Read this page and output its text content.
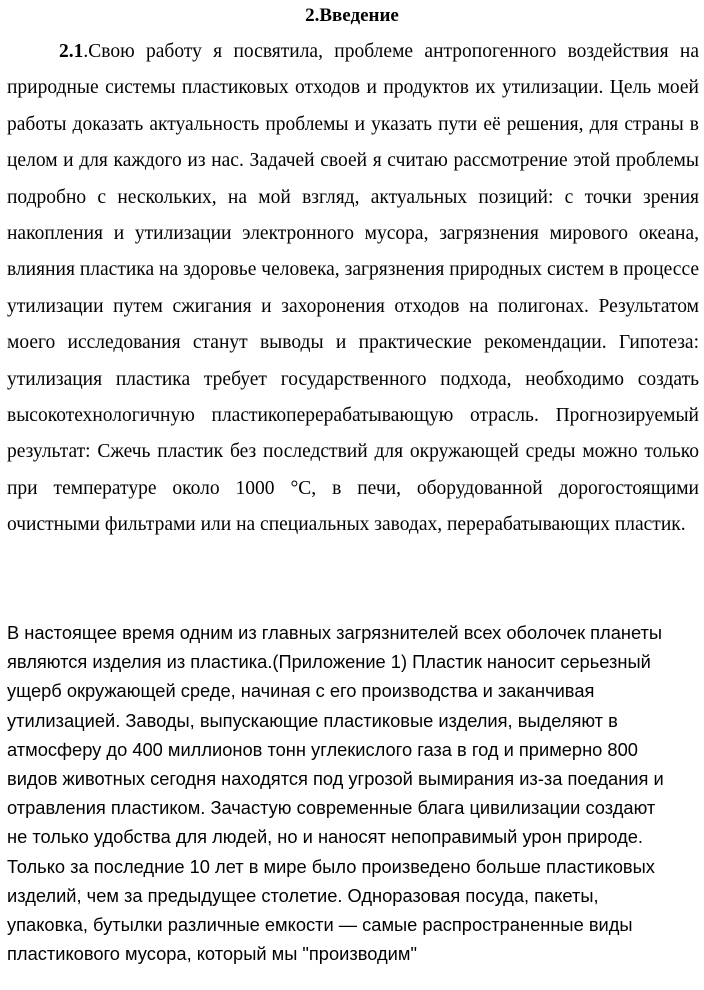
2.Введение

2.1.Свою работу я посвятила, проблеме антропогенного воздействия на природные системы пластиковых отходов и продуктов их утилизации. Цель моей работы доказать актуальность проблемы и указать пути её решения, для страны в целом и для каждого из нас. Задачей своей я считаю рассмотрение этой проблемы подробно с нескольких, на мой взгляд, актуальных позиций: с точки зрения накопления и утилизации электронного мусора, загрязнения мирового океана, влияния пластика на здоровье человека, загрязнения природных систем в процессе утилизации путем сжигания и захоронения отходов на полигонах. Результатом моего исследования станут выводы и практические рекомендации. Гипотеза: утилизация пластика требует государственного подхода, необходимо создать высокотехнологичную пластикоперерабатывающую отрасль. Прогнозируемый результат: Сжечь пластик без последствий для окружающей среды можно только при температуре около 1000 °С, в печи, оборудованной дорогостоящими очистными фильтрами или на специальных заводах, перерабатывающих пластик.

В настоящее время одним из главных загрязнителей всех оболочек планеты
являются изделия из пластика.(Приложение 1) Пластик наносит серьезный
ущерб окружающей среде, начиная с его производства и заканчивая
утилизацией. Заводы, выпускающие пластиковые изделия, выделяют в
атмосферу до 400 миллионов тонн углекислого газа в год и примерно 800
видов животных сегодня находятся под угрозой вымирания из-за поедания и
отравления пластиком. Зачастую современные блага цивилизации создают
не только удобства для людей, но и наносят непоправимый урон природе.
Только за последние 10 лет в мире было произведено больше пластиковых
изделий, чем за предыдущее столетие. Одноразовая посуда, пакеты,
упаковка, бутылки различные емкости — самые распространенные виды
пластикового мусора, который мы "производим"
